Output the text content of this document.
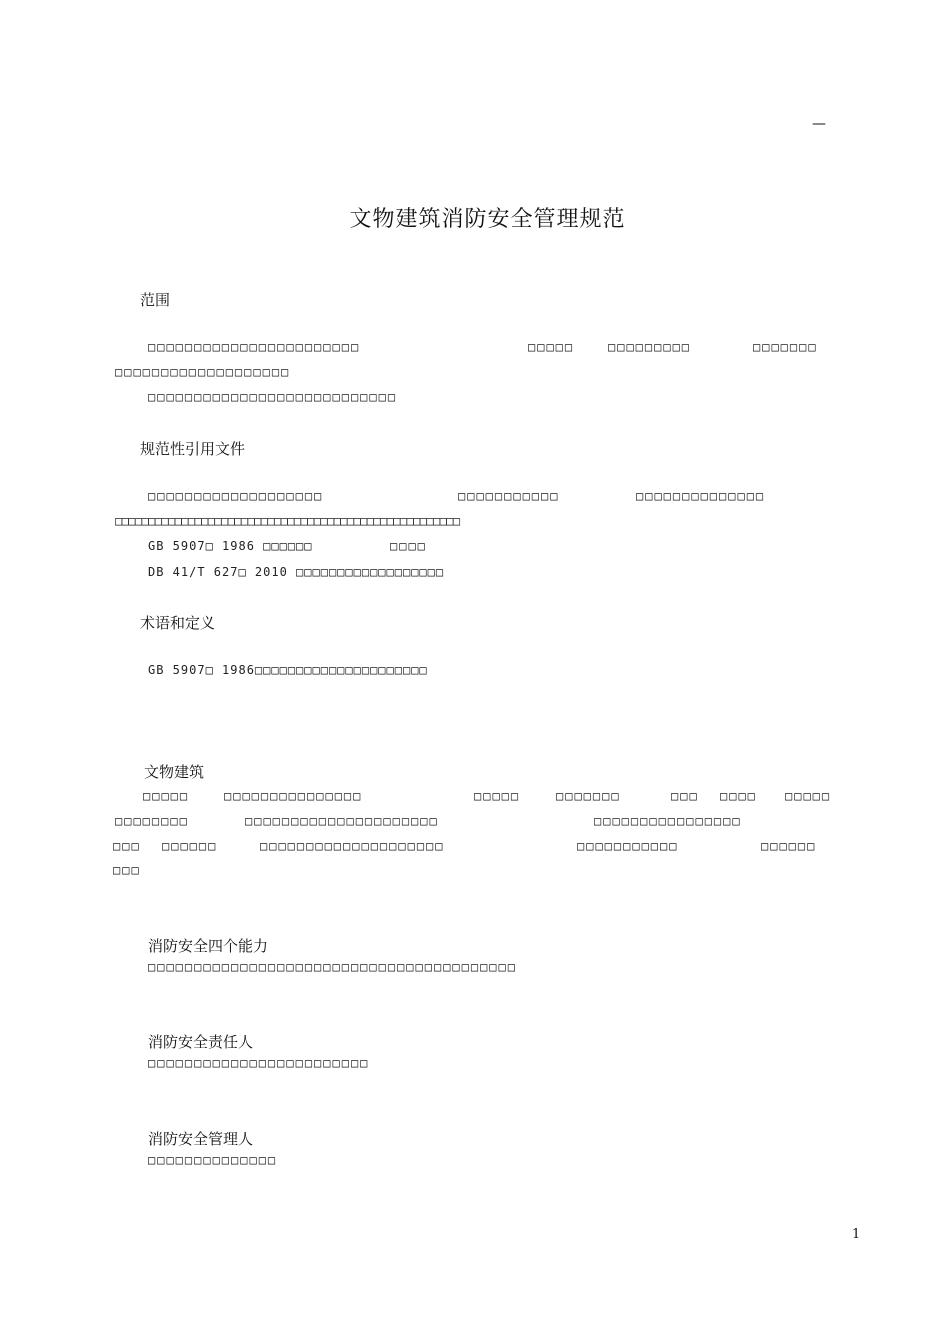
—
文物建筑消防安全管理规范
范围
□□□□□□□□□□□□□□□□□□□□□□□	□□□□□	□□□□□□□□□	□□□□□□□
□□□□□□□□□□□□□□□□□□□
□□□□□□□□□□□□□□□□□□□□□□□□□□□
规范性引用文件
□□□□□□□□□□□□□□□□□□□	□□□□□□□□□□□	□□□□□□□□□□□□□□
□□□□□□□□□□□□□□□□□□□□□□□□□□□□□□□□□□□□□□□□□□□□□□□□□□□□
GB 5907□ 1986 □□□□□□	□□□□
DB 41/T 627□ 2010 □□□□□□□□□□□□□□□□□□
术语和定义
GB 5907□ 1986□□□□□□□□□□□□□□□□□□□□□
文物建筑
□□□□□	□□□□□□□□□□□□□□□	□□□□□	□□□□□□□	□□□ □□□□ □□□□□
□□□□□□□□	□□□□□□□□□□□□□□□□□□□□□	□□□□□□□□□□□□□□□□
□□□ □□□□□□	□□□□□□□□□□□□□□□□□□□□	□□□□□□□□□□□	□□□□□□
□□□
消防安全四个能力
□□□□□□□□□□□□□□□□□□□□□□□□□□□□□□□□□□□□□□□□
消防安全责任人
□□□□□□□□□□□□□□□□□□□□□□□□
消防安全管理人
□□□□□□□□□□□□□□
1
